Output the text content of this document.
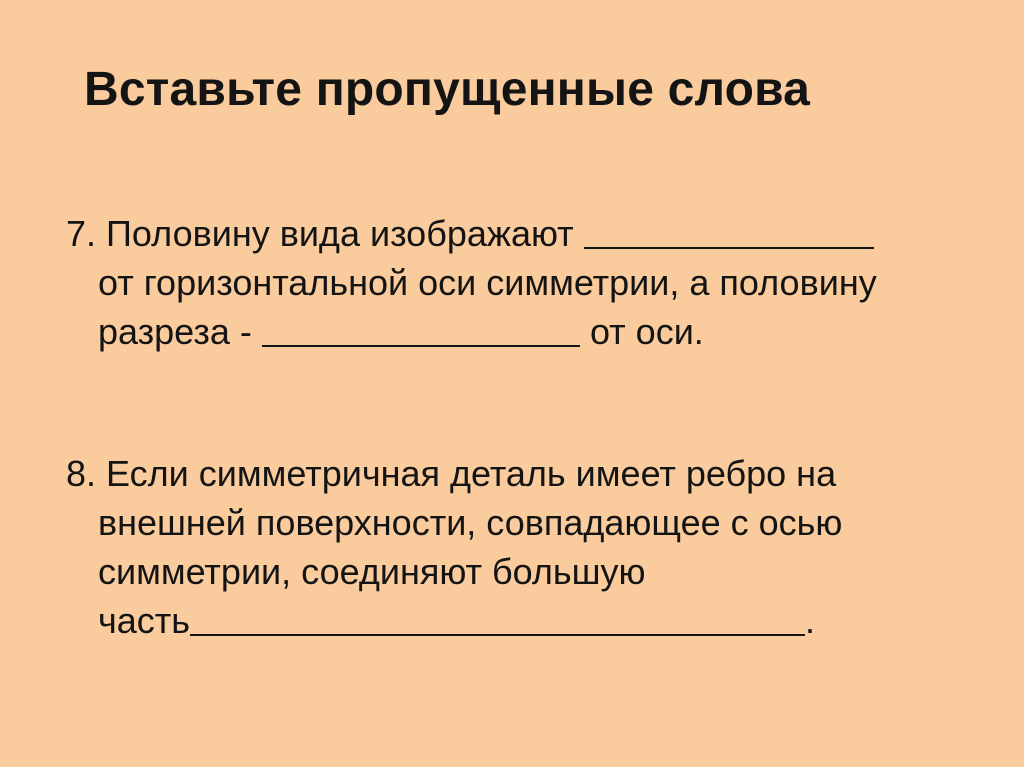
Вставьте пропущенные слова
7. Половину вида изображают
от горизонтальной оси симметрии, а половину
разреза -	от оси.
8. Если симметричная деталь имеет ребро на
внешней поверхности, совпадающее с осью
симметрии, соединяют большую
часть	.
